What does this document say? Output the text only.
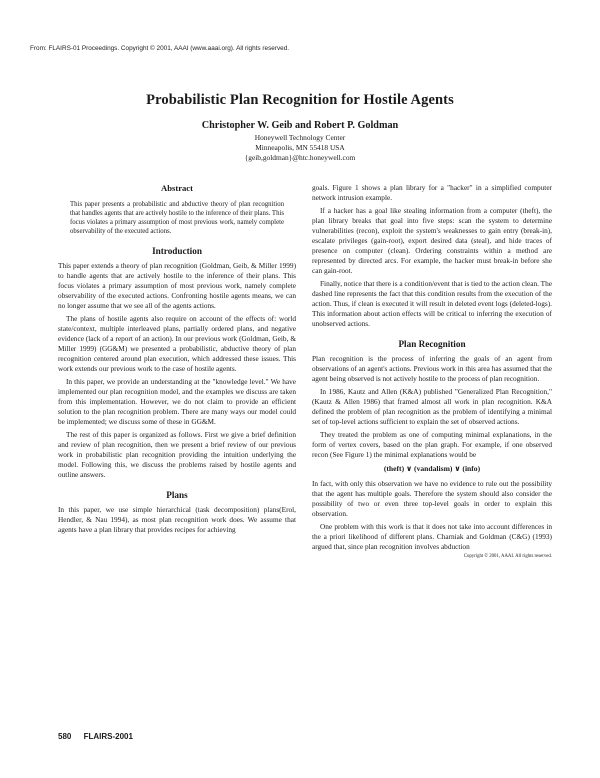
From: FLAIRS-01 Proceedings. Copyright © 2001, AAAI (www.aaai.org). All rights reserved.
Probabilistic Plan Recognition for Hostile Agents
Christopher W. Geib and Robert P. Goldman
Honeywell Technology Center
Minneapolis, MN 55418 USA
{geib,goldman}@htc.honeywell.com
Abstract

This paper presents a probabilistic and abductive theory of plan recognition that handles agents that are actively hostile to the inference of their plans. This focus violates a primary assumption of most previous work, namely complete observability of the executed actions.

Introduction

This paper extends a theory of plan recognition (Goldman, Geib, & Miller 1999) to handle agents that are actively hostile to the inference of their plans. This focus violates a primary assumption of most previous work, namely complete observability of the executed actions. Confronting hostile agents means, we can no longer assume that we see all of the agents actions.

The plans of hostile agents also require on account of the effects of: world state/context, multiple interleaved plans, partially ordered plans, and negative evidence (lack of a report of an action). In our previous work (Goldman, Geib, & Miller 1999) (GG&M) we presented a probabilistic, abductive theory of plan recognition centered around plan execution, which addressed these issues. This work extends our previous work to the case of hostile agents.

In this paper, we provide an understanding at the "knowledge level." We have implemented our plan recognition model, and the examples we discuss are taken from this implementation. However, we do not claim to provide an efficient solution to the plan recognition problem. There are many ways our model could be implemented; we discuss some of these in GG&M.

The rest of this paper is organized as follows. First we give a brief definition and review of plan recognition, then we present a brief review of our previous work in probabilistic plan recognition providing the intuition underlying the model. Following this, we discuss the problems raised by hostile agents and outline answers.

Plans

In this paper, we use simple hierarchical (task decomposition) plans(Erol, Hendler, & Nau 1994), as most plan recognition work does. We assume that agents have a plan library that provides recipes for achieving

goals. Figure 1 shows a plan library for a "hacker" in a simplified computer network intrusion example.

If a hacker has a goal like stealing information from a computer (theft), the plan library breaks that goal into five steps: scan the system to determine vulnerabilities (recon), exploit the system's weaknesses to gain entry (break-in), escalate privileges (gain-root), export desired data (steal), and hide traces of presence on computer (clean). Ordering constraints within a method are represented by directed arcs. For example, the hacker must break-in before she can gain-root.

Finally, notice that there is a condition/event that is tied to the action clean. The dashed line represents the fact that this condition results from the execution of the action. Thus, if clean is executed it will result in deleted event logs (deleted-logs). This information about action effects will be critical to inferring the execution of unobserved actions.

Plan Recognition

Plan recognition is the process of inferring the goals of an agent from observations of an agent's actions. Previous work in this area has assumed that the agent being observed is not actively hostile to the process of plan recognition.

In 1986, Kautz and Allen (K&A) published "Generalized Plan Recognition," (Kautz & Allen 1986) that framed almost all work in plan recognition. K&A defined the problem of plan recognition as the problem of identifying a minimal set of top-level actions sufficient to explain the set of observed actions.

They treated the problem as one of computing minimal explanations, in the form of vertex covers, based on the plan graph. For example, if one observed recon (See Figure 1) the minimal explanations would be

(theft) ∨ (vandalism) ∨ (info)

In fact, with only this observation we have no evidence to rule out the possibility that the agent has multiple goals. Therefore the system should also consider the possibility of two or even three top-level goals in order to explain this observation.

One problem with this work is that it does not take into account differences in the a priori likelihood of different plans. Charniak and Goldman (C&G) (1993) argued that, since plan recognition involves abduction

Copyright © 2001, AAAI. All rights reserved.
580 FLAIRS-2001
